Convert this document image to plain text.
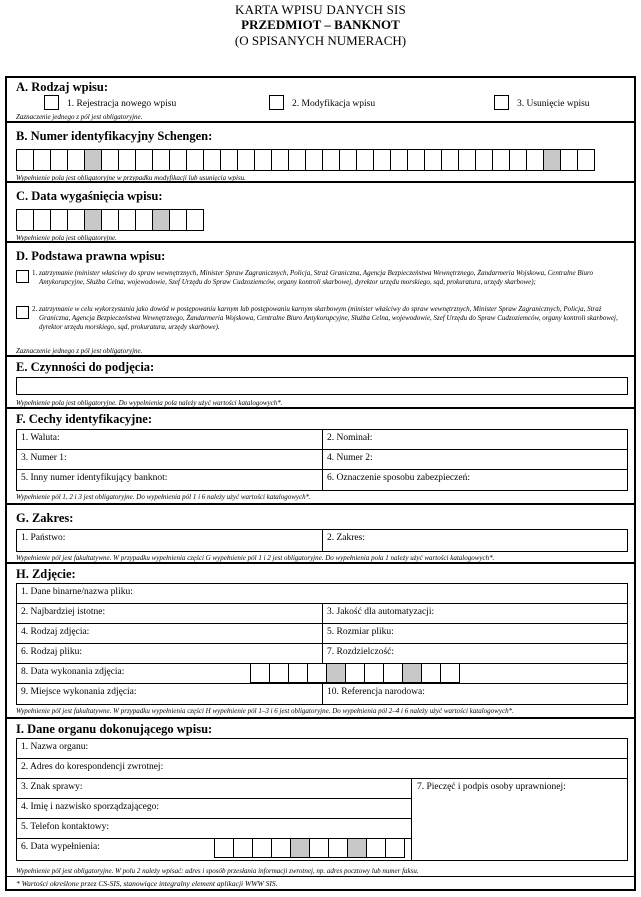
KARTA WPISU DANYCH SIS
PRZEDMIOT – BANKNOT
(O SPISANYCH NUMERACH)
A. Rodzaj wpisu:
1. Rejestracja nowego wpisu	2. Modyfikacja wpisu	3. Usunięcie wpisu
Zaznaczenie jednego z pól jest obligatoryjne.
B. Numer identyfikacyjny Schengen:
Wypełnienie pola jest obligatoryjne w przypadku modyfikacji lub usunięcia wpisu.
C. Data wygaśnięcia wpisu:
Wypełnienie pola jest obligatoryjne.
D. Podstawa prawna wpisu:
1. zatrzymanie (minister właściwy do spraw wewnętrznych, Minister Spraw Zagranicznych, Policja, Straż Graniczna, Agencja Bezpieczeństwa Wewnętrznego, Żandarmeria Wojskowa, Centralne Biuro Antykorupcyjne, Służba Celna, wojewodowie, Szef Urzędu do Spraw Cudzoziemców, organy kontroli skarbowej, dyrektor urzędu morskiego, sąd, prokuratura, urzędy skarbowe);
2. zatrzymanie w celu wykorzystania jako dowód w postępowaniu karnym lub postępowaniu karnym skarbowym (minister właściwy do spraw wewnętrznych, Minister Spraw Zagranicznych, Policja, Straż Graniczna, Agencja Bezpieczeństwa Wewnętrznego, Żandarmeria Wojskowa, Centralne Biuro Antykorupcyjne, Służba Celna, wojewodowie, Szef Urzędu do Spraw Cudzoziemców, organy kontroli skarbowej, dyrektor urzędu morskiego, sąd, prokuratura, urzędy skarbowe).
Zaznaczenie jednego z pól jest obligatoryjne.
E. Czynności do podjęcia:
Wypełnienie pola jest obligatoryjne. Do wypełnienia pola należy użyć wartości katalogowych*.
F. Cechy identyfikacyjne:
1. Waluta:	2. Nominał:
3. Numer 1:	4. Numer 2:
5. Inny numer identyfikujący banknot:	6. Oznaczenie sposobu zabezpieczeń:
Wypełnienie pól 1, 2 i 3 jest obligatoryjne. Do wypełnienia pól 1 i 6 należy użyć wartości katalogowych*.
G. Zakres:
1. Państwo:	2. Zakres:
Wypełnienie pól jest fakultatywne. W przypadku wypełnienia części G wypełnienie pól 1 i 2 jest obligatoryjne. Do wypełnienia pola 1 należy użyć wartości katalogowych*.
H. Zdjęcie:
1. Dane binarne/nazwa pliku:
2. Najbardziej istotne:	3. Jakość dla automatyzacji:
4. Rodzaj zdjęcia:	5. Rozmiar pliku:
6. Rodzaj pliku:	7. Rozdzielczość:
8. Data wykonania zdjęcia:
9. Miejsce wykonania zdjęcia:	10. Referencja narodowa:
Wypełnienie pól jest fakultatywne. W przypadku wypełnienia części H wypełnienie pól 1–3 i 6 jest obligatoryjne. Do wypełnienia pól 2–4 i 6 należy użyć wartości katalogowych*.
I. Dane organu dokonującego wpisu:
1. Nazwa organu:
2. Adres do korespondencji zwrotnej:
3. Znak sprawy:
4. Imię i nazwisko sporządzającego:
5. Telefon kontaktowy:
6. Data wypełnienia:
7. Pieczęć i podpis osoby uprawnionej:
Wypełnienie pól jest obligatoryjne. W polu 2 należy wpisać: adres i sposób przesłania informacji zwrotnej, np. adres pocztowy lub numer faksu.
* Wartości określone przez CS-SIS, stanowiące integralny element aplikacji WWW SIS.
